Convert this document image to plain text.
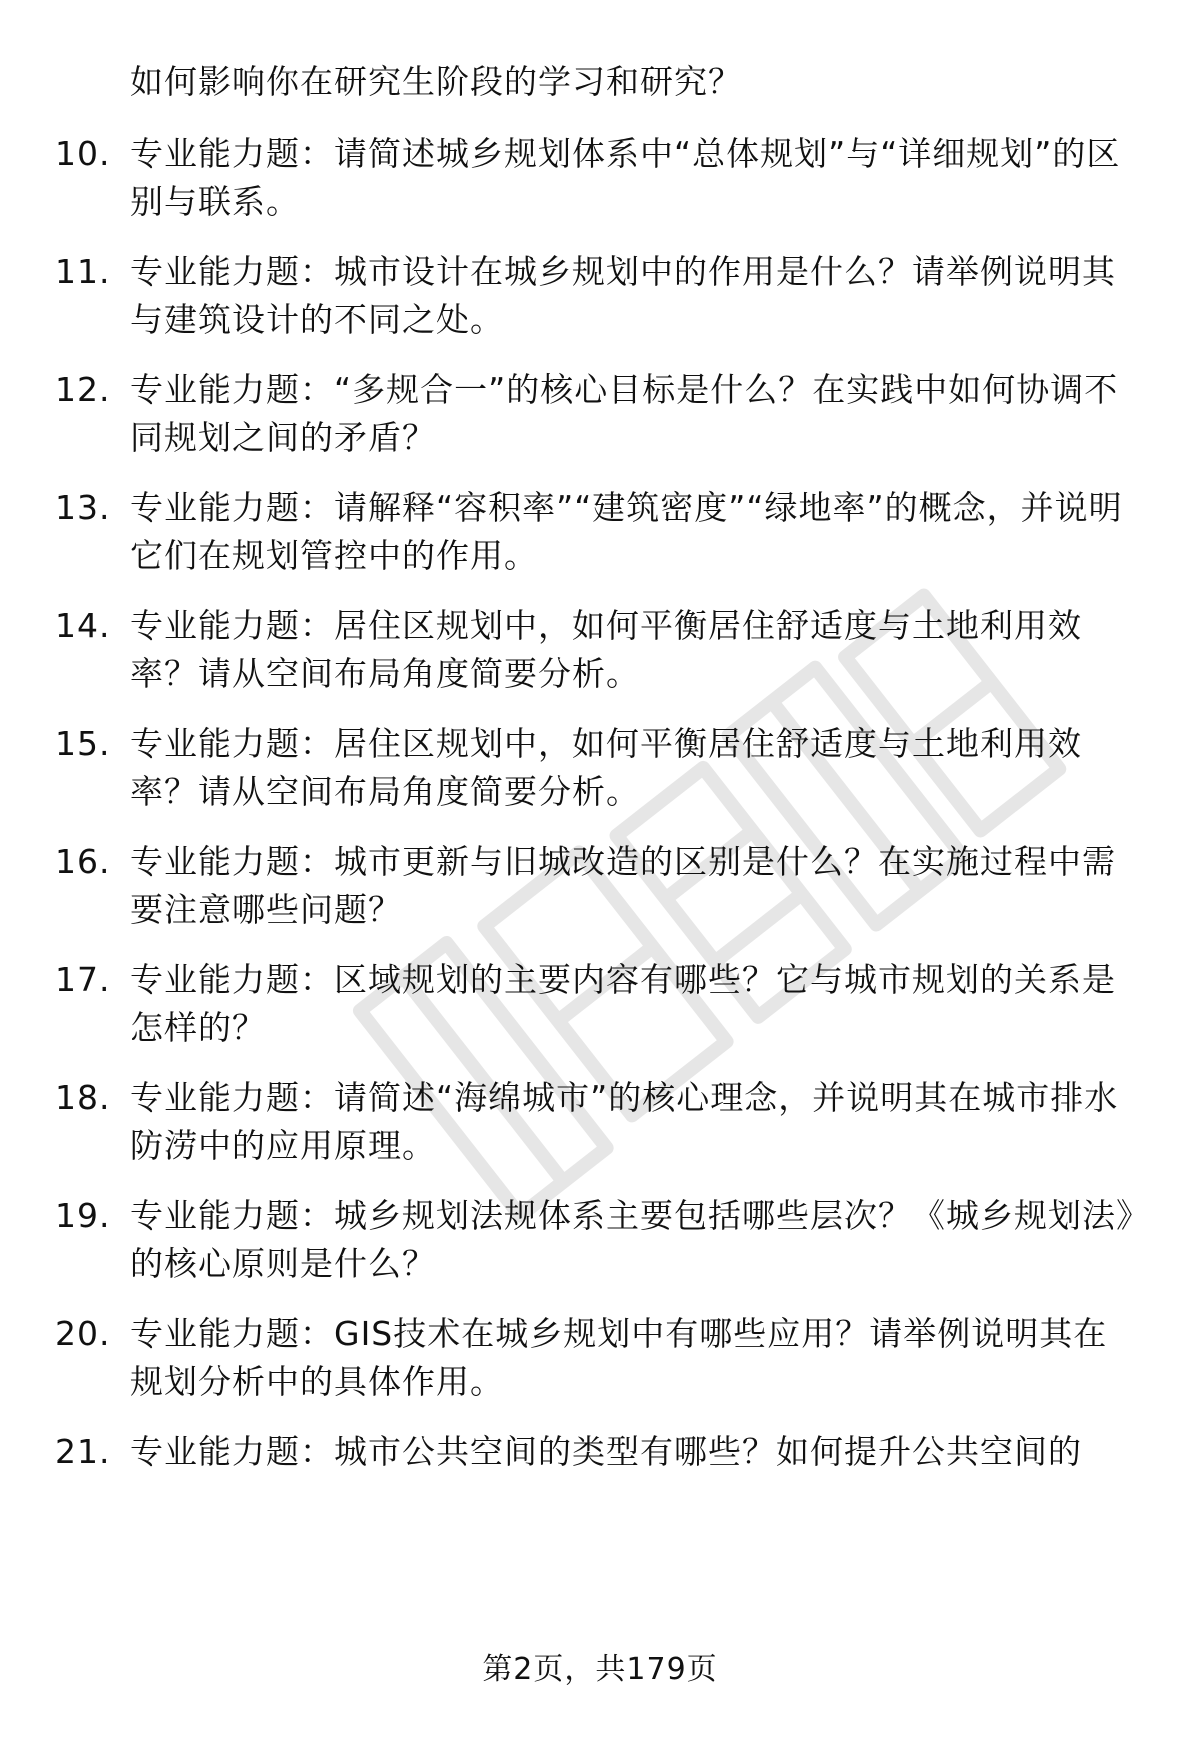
如何影响你在研究生阶段的学习和研究？
10. 专业能力题：请简述城乡规划体系中“总体规划”与“详细规划”的区别与联系。
11. 专业能力题：城市设计在城乡规划中的作用是什么？请举例说明其与建筑设计的不同之处。
12. 专业能力题：“多规合一”的核心目标是什么？在实践中如何协调不同规划之间的矛盾？
13. 专业能力题：请解释“容积率”“建筑密度”“绿地率”的概念，并说明它们在规划管控中的作用。
14. 专业能力题：居住区规划中，如何平衡居住舒适度与土地利用效率？请从空间布局角度简要分析。
15. 专业能力题：居住区规划中，如何平衡居住舒适度与土地利用效率？请从空间布局角度简要分析。
16. 专业能力题：城市更新与旧城改造的区别是什么？在实施过程中需要注意哪些问题？
17. 专业能力题：区域规划的主要内容有哪些？它与城市规划的关系是怎样的？
18. 专业能力题：请简述“海绵城市”的核心理念，并说明其在城市排水防涝中的应用原理。
19. 专业能力题：城乡规划法规体系主要包括哪些层次？《城乡规划法》的核心原则是什么？
20. 专业能力题：GIS技术在城乡规划中有哪些应用？请举例说明其在规划分析中的具体作用。
21. 专业能力题：城市公共空间的类型有哪些？如何提升公共空间的
第2页，共179页
